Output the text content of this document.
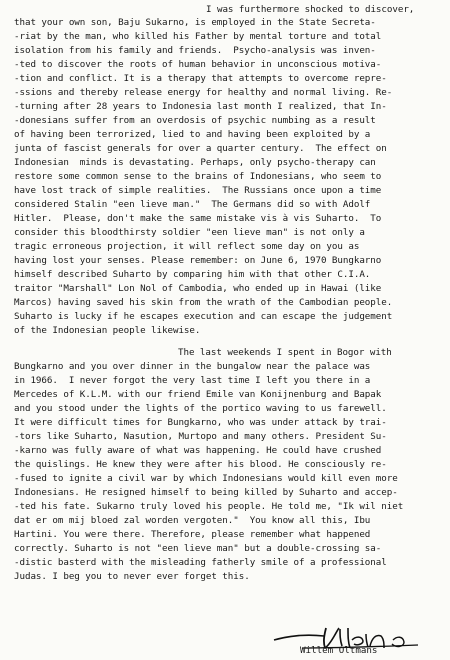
I was furthermore shocked to discover,
that your own son, Baju Sukarno, is employed in the State Secreta-
-riat by the man, who killed his Father by mental torture and total
isolation from his family and friends.  Psycho-analysis was inven-
-ted to discover the roots of human behavior in unconscious motiva-
-tion and conflict. It is a therapy that attempts to overcome repre-
-ssions and thereby release energy for healthy and normal living. Re-
-turning after 28 years to Indonesia last month I realized, that In-
-donesians suffer from an overdosis of psychic numbing as a result
of having been terrorized, lied to and having been exploited by a
junta of fascist generals for over a quarter century.  The effect on
Indonesian  minds is devastating. Perhaps, only psycho-therapy can
restore some common sense to the brains of Indonesians, who seem to
have lost track of simple realities.  The Russians once upon a time
considered Stalin "een lieve man."  The Germans did so with Adolf
Hitler.  Please, don't make the same mistake vis à vis Suharto.  To
consider this bloodthirsty soldier "een lieve man" is not only a
tragic erroneous projection, it will reflect some day on you as
having lost your senses. Please remember: on June 6, 1970 Bungkarno
himself described Suharto by comparing him with that other C.I.A.
traitor "Marshall" Lon Nol of Cambodia, who ended up in Hawai (like
Marcos) having saved his skin from the wrath of the Cambodian people.
Suharto is lucky if he escapes execution and can escape the judgement
of the Indonesian people likewise.
The last weekends I spent in Bogor with
Bungkarno and you over dinner in the bungalow near the palace was
in 1966.  I never forgot the very last time I left you there in a
Mercedes of K.L.M. with our friend Emile van Konijnenburg and Bapak
and you stood under the lights of the portico waving to us farewell.
It were difficult times for Bungkarno, who was under attack by trai-
-tors like Suharto, Nasution, Murtopo and many others. President Su-
-karno was fully aware of what was happening. He could have crushed
the quislings. He knew they were after his blood. He consciously re-
-fused to ignite a civil war by which Indonesians would kill even more
Indonesians. He resigned himself to being killed by Suharto and accep-
-ted his fate. Sukarno truly loved his people. He told me, "Ik wil niet
dat er om mij bloed zal worden vergoten."  You know all this, Ibu
Hartini. You were there. Therefore, please remember what happened
correctly. Suharto is not "een lieve man" but a double-crossing sa-
-distic basterd with the misleading fatherly smile of a professional
Judas. I beg you to never ever forget this.
Willem Oltmans
